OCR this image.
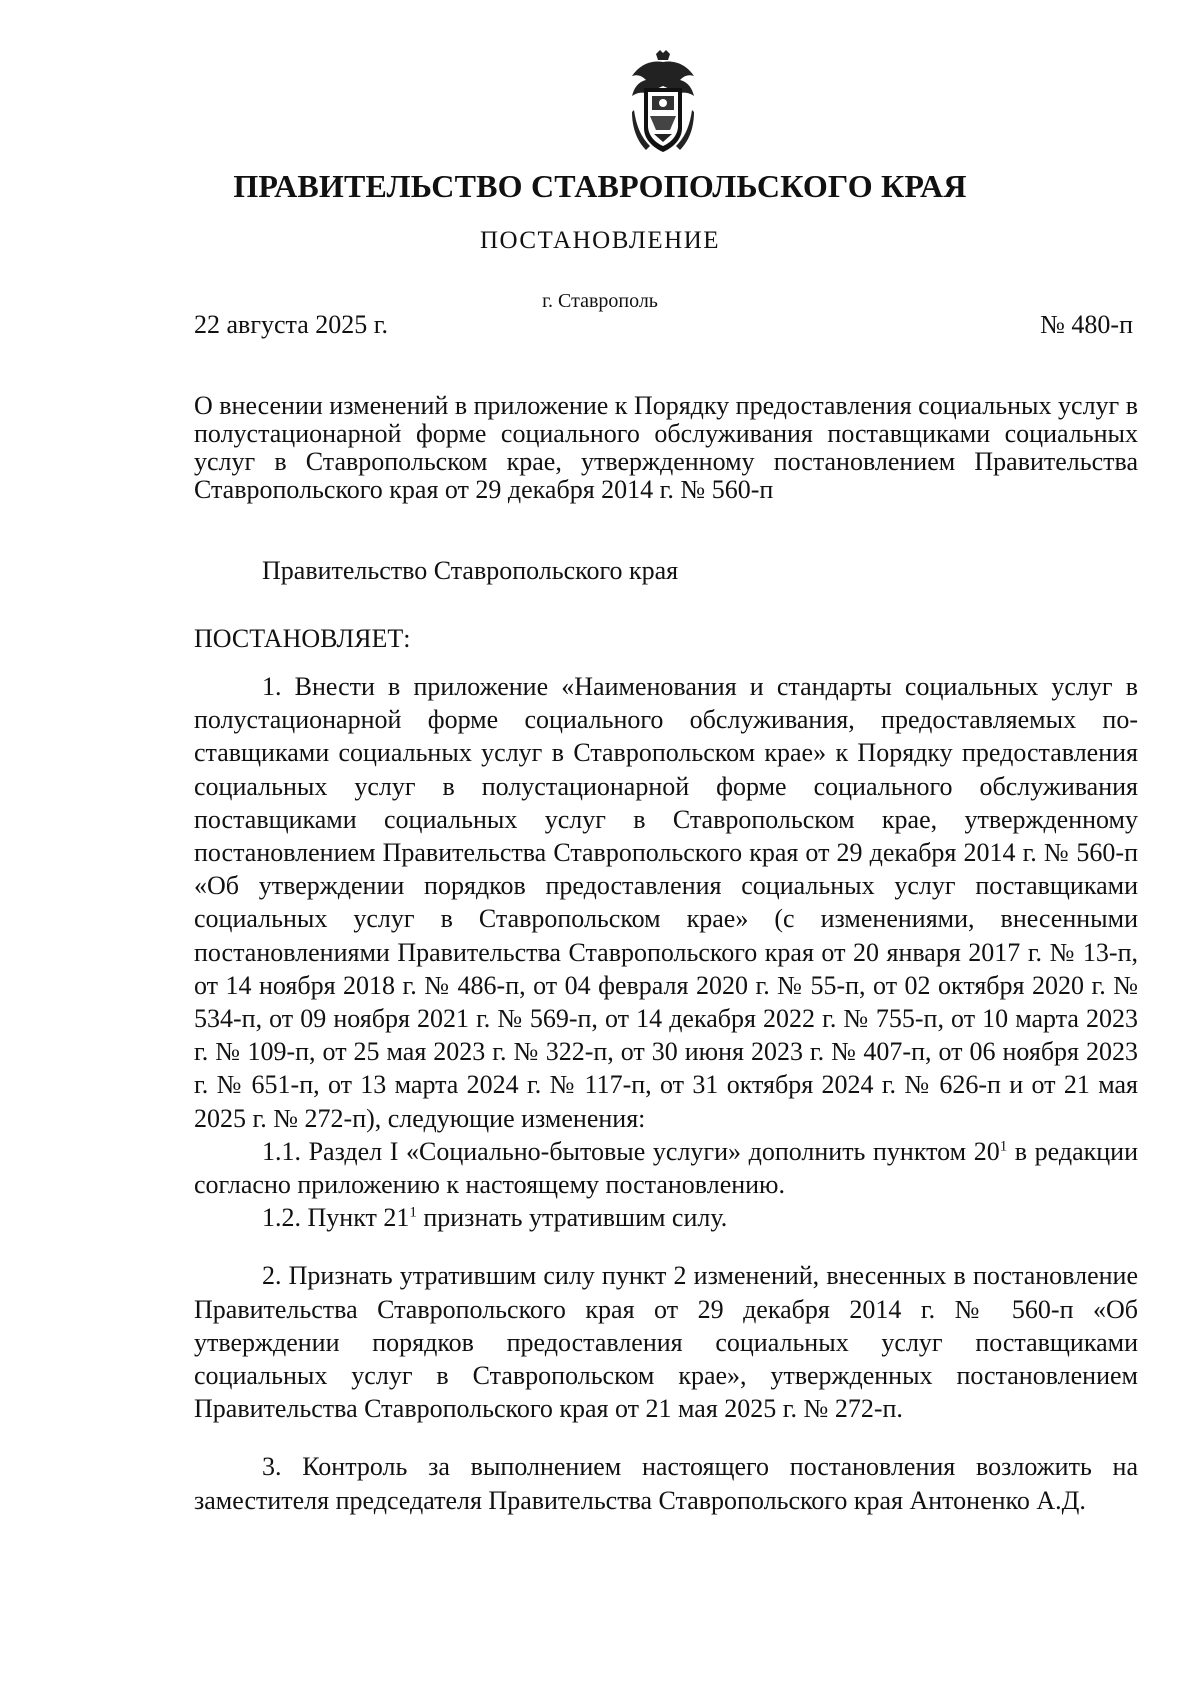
ПРАВИТЕЛЬСТВО СТАВРОПОЛЬСКОГО КРАЯ
ПОСТАНОВЛЕНИЕ
г. Ставрополь
22 августа 2025 г.	№ 480-п
О внесении изменений в приложение к Порядку предоставления социальных услуг в полустационарной форме социального обслуживания поставщиками социальных услуг в Ставропольском крае, утвержденному постановлением Правительства Ставропольского края от 29 декабря 2014 г. № 560-п
Правительство Ставропольского края
ПОСТАНОВЛЯЕТ:

1. Внести в приложение «Наименования и стандарты социальных услуг в полустационарной форме социального обслуживания, предоставляемых поставщиками социальных услуг в Ставропольском крае» к Порядку предоставления социальных услуг в полустационарной форме социального обслуживания поставщиками социальных услуг в Ставропольском крае, утвержденному постановлением Правительства Ставропольского края от 29 декабря 2014 г. № 560-п «Об утверждении порядков предоставления социальных услуг поставщиками социальных услуг в Ставропольском крае» (с изменениями, внесенными постановлениями Правительства Ставропольского края от 20 января 2017 г. № 13-п, от 14 ноября 2018 г. № 486-п, от 04 февраля 2020 г. № 55-п, от 02 октября 2020 г. № 534-п, от 09 ноября 2021 г. № 569-п, от 14 декабря 2022 г. № 755-п, от 10 марта 2023 г. № 109-п, от 25 мая 2023 г. № 322-п, от 30 июня 2023 г. № 407-п, от 06 ноября 2023 г. № 651-п, от 13 марта 2024 г. № 117-п, от 31 октября 2024 г. № 626-п и от 21 мая 2025 г. № 272-п), следующие изменения:

1.1. Раздел I «Социально-бытовые услуги» дополнить пунктом $20^1$ в редакции согласно приложению к настоящему постановлению.

1.2. Пункт $21^1$ признать утратившим силу.

2. Признать утратившим силу пункт 2 изменений, внесенных в постановление Правительства Ставропольского края от 29 декабря 2014 г. № 560-п «Об утверждении порядков предоставления социальных услуг поставщиками социальных услуг в Ставропольском крае», утвержденных постановлением Правительства Ставропольского края от 21 мая 2025 г. № 272-п.

3. Контроль за выполнением настоящего постановления возложить на заместителя председателя Правительства Ставропольского края Антоненко А.Д.
